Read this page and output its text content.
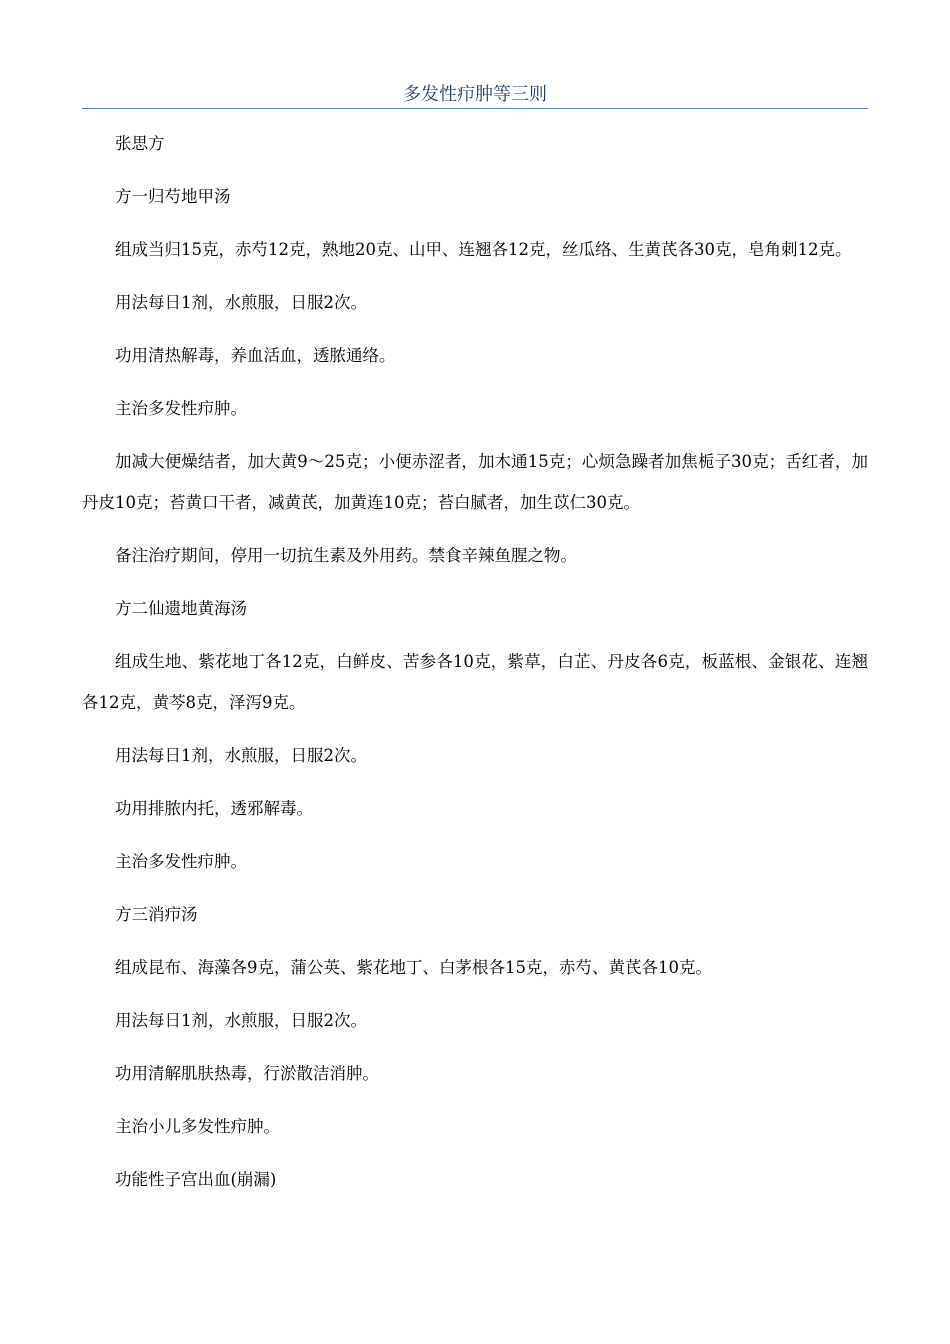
多发性疖肿等三则

张思方

方一归芍地甲汤

组成当归15克，赤芍12克，熟地20克、山甲、连翘各12克，丝瓜络、生黄芪各30克，皂角刺12克。

用法每日1剂，水煎服，日服2次。

功用清热解毒，养血活血，透脓通络。

主治多发性疖肿。

加减大便燥结者，加大黄9～25克；小便赤涩者，加木通15克；心烦急躁者加焦栀子30克；舌红者，加丹皮10克；苔黄口干者，减黄芪，加黄连10克；苔白腻者，加生苡仁30克。

备注治疗期间，停用一切抗生素及外用药。禁食辛辣鱼腥之物。

方二仙遗地黄海汤

组成生地、紫花地丁各12克，白鲜皮、苦参各10克，紫草，白芷、丹皮各6克，板蓝根、金银花、连翘各12克，黄芩8克，泽泻9克。

用法每日1剂，水煎服，日服2次。

功用排脓内托，透邪解毒。

主治多发性疖肿。

方三消疖汤

组成昆布、海藻各9克，蒲公英、紫花地丁、白茅根各15克，赤芍、黄芪各10克。

用法每日1剂，水煎服，日服2次。

功用清解肌肤热毒，行淤散洁消肿。

主治小儿多发性疖肿。

功能性子宫出血(崩漏)
